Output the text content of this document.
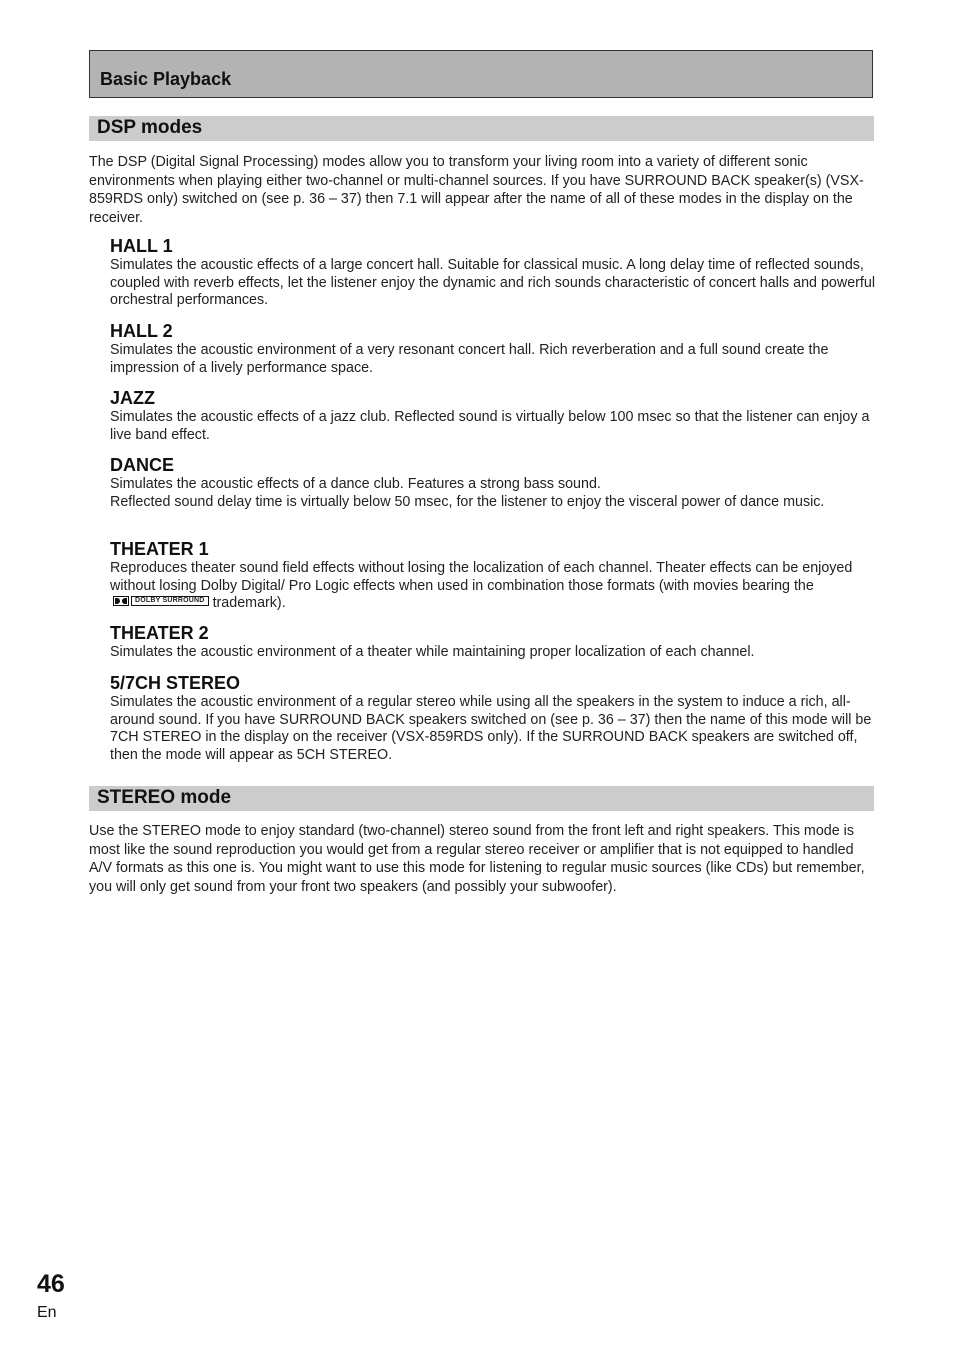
Basic Playback
DSP modes

The DSP (Digital Signal Processing) modes allow you to transform your living room into a variety of different sonic environments when playing either two-channel or multi-channel sources. If you have SURROUND BACK speaker(s) (VSX-859RDS only) switched on (see p. 36 – 37) then 7.1 will appear after the name of all of these modes in the display on the receiver.

HALL 1

Simulates the acoustic effects of a large concert hall. Suitable for classical music. A long delay time of reflected sounds, coupled with reverb effects, let the listener enjoy the dynamic and rich sounds characteristic of concert halls and powerful orchestral performances.

HALL 2

Simulates the acoustic environment of a very resonant concert hall. Rich reverberation and a full sound create the impression of a lively performance space.

JAZZ

Simulates the acoustic effects of a jazz club. Reflected sound is virtually below 100 msec so that the listener can enjoy a live band effect.

DANCE

Simulates the acoustic effects of a dance club. Features a strong bass sound.

Reflected sound delay time is virtually below 50 msec, for the listener to enjoy the visceral power of dance music.

THEATER 1

Reproduces theater sound field effects without losing the localization of each channel. Theater effects can be enjoyed without losing Dolby Digital/ Pro Logic effects when used in combination those formats (with movies bearing theDOLBY SURROUND trademark).

THEATER 2

Simulates the acoustic environment of a theater while maintaining proper localization of each channel.

5/7CH STEREO

Simulates the acoustic environment of a regular stereo while using all the speakers in the system to induce a rich, all-around sound. If you have SURROUND BACK speakers switched on (see p. 36 – 37) then the name of this mode will be 7CH STEREO in the display on the receiver (VSX-859RDS only). If the SURROUND BACK speakers are switched off, then the mode will appear as 5CH STEREO.

STEREO mode

Use the STEREO mode to enjoy standard (two-channel) stereo sound from the front left and right speakers. This mode is most like the sound reproduction you would get from a regular stereo receiver or amplifier that is not equipped to handled A/V formats as this one is. You might want to use this mode for listening to regular music sources (like CDs) but remember, you will only get sound from your front two speakers (and possibly your subwoofer).

46
En
